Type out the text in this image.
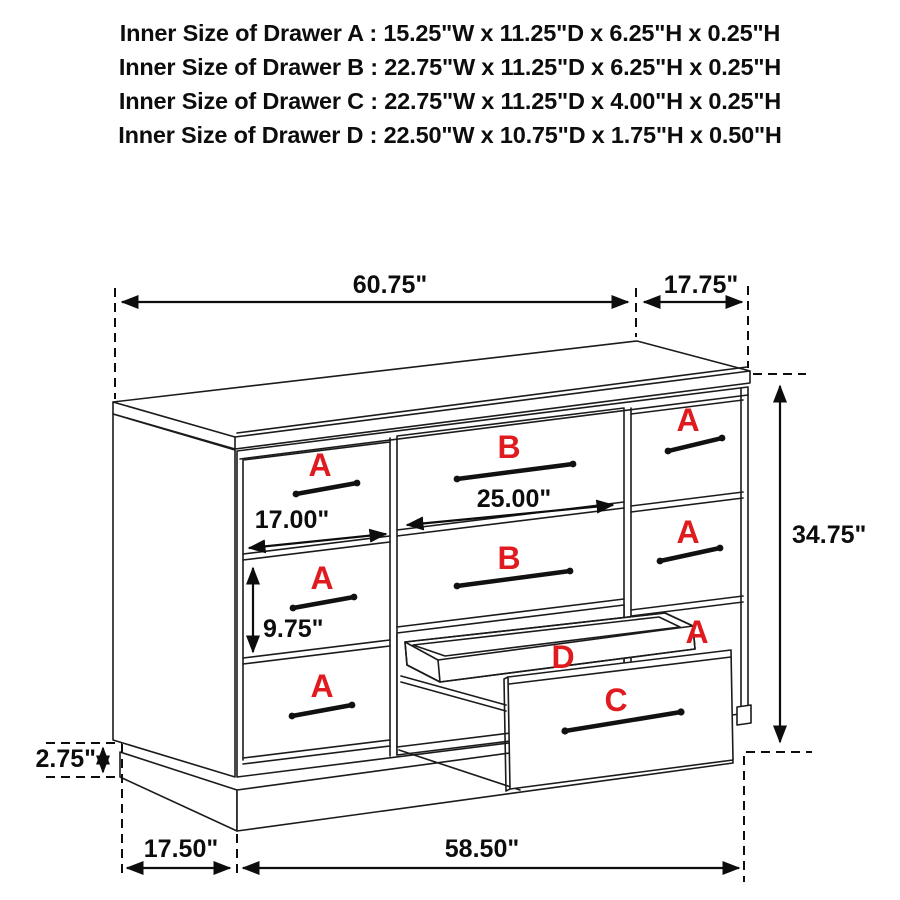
Inner Size of Drawer A : 15.25"W x 11.25"D x 6.25"H x 0.25"H
Inner Size of Drawer B : 22.75"W x 11.25"D x 6.25"H x 0.25"H
Inner Size of Drawer C : 22.75"W x 11.25"D x 4.00"H x 0.25"H
Inner Size of Drawer D : 22.50"W x 10.75"D x 1.75"H x 0.50"H
A
A
A
B
B
A
A
A
D
C
60.75"	17.75"
34.75"
17.00"
25.00"
9.75"
2.75"
17.50"	58.50"
